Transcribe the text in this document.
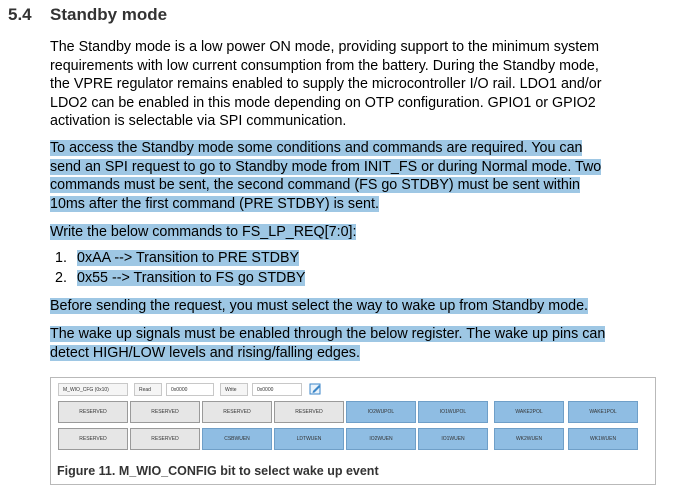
5.4 Standby mode
The Standby mode is a low power ON mode, providing support to the minimum system
requirements with low current consumption from the battery. During the Standby mode,
the VPRE regulator remains enabled to supply the microcontroller I/O rail. LDO1 and/or
LDO2 can be enabled in this mode depending on OTP configuration. GPIO1 or GPIO2
activation is selectable via SPI communication.
To access the Standby mode some conditions and commands are required. You can
send an SPI request to go to Standby mode from INIT_FS or during Normal mode. Two
commands must be sent, the second command (FS go STDBY) must be sent within
10ms after the first command (PRE STDBY) is sent.
Write the below commands to FS_LP_REQ[7:0]:
1. 0xAA --> Transition to PRE STDBY
2. 0x55 --> Transition to FS go STDBY
Before sending the request, you must select the way to wake up from Standby mode.
The wake up signals must be enabled through the below register. The wake up pins can
detect HIGH/LOW levels and rising/falling edges.
M_WIO_CFG (0x10)	Read	0x0000	Write	0x0000
RESERVED	RESERVED	RESERVED	RESERVED	IO2WUPOL	IO1WUPOL	WAKE2POL	WAKE1POL
RESERVED	RESERVED	CSBWUEN	LDTWUEN	IO2WUEN	IO1WUEN	WK2WUEN	WK1WUEN
Figure 11. M_WIO_CONFIG bit to select wake up event
